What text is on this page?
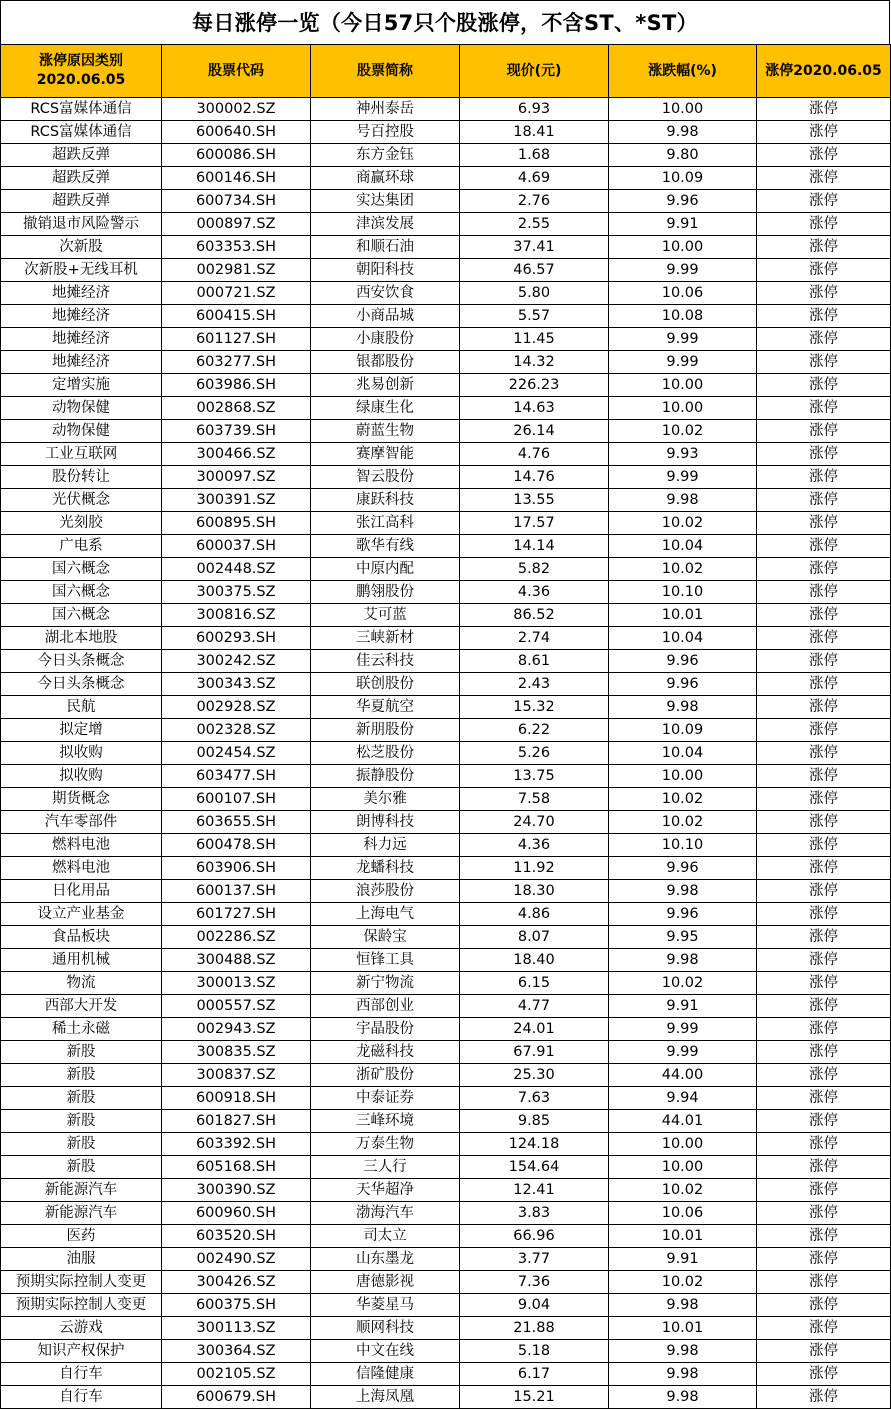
每日涨停一览（今日57只个股涨停，不含ST、*ST）
涨停原因类别
2020.06.05	股票代码	股票简称	现价(元)	涨跌幅(%)	涨停2020.06.05
RCS富媒体通信	300002.SZ	神州泰岳	6.93	10.00	涨停
RCS富媒体通信	600640.SH	号百控股	18.41	9.98	涨停
超跌反弹	600086.SH	东方金钰	1.68	9.80	涨停
超跌反弹	600146.SH	商赢环球	4.69	10.09	涨停
超跌反弹	600734.SH	实达集团	2.76	9.96	涨停
撤销退市风险警示	000897.SZ	津滨发展	2.55	9.91	涨停
次新股	603353.SH	和顺石油	37.41	10.00	涨停
次新股+无线耳机	002981.SZ	朝阳科技	46.57	9.99	涨停
地摊经济	000721.SZ	西安饮食	5.80	10.06	涨停
地摊经济	600415.SH	小商品城	5.57	10.08	涨停
地摊经济	601127.SH	小康股份	11.45	9.99	涨停
地摊经济	603277.SH	银都股份	14.32	9.99	涨停
定增实施	603986.SH	兆易创新	226.23	10.00	涨停
动物保健	002868.SZ	绿康生化	14.63	10.00	涨停
动物保健	603739.SH	蔚蓝生物	26.14	10.02	涨停
工业互联网	300466.SZ	赛摩智能	4.76	9.93	涨停
股份转让	300097.SZ	智云股份	14.76	9.99	涨停
光伏概念	300391.SZ	康跃科技	13.55	9.98	涨停
光刻胶	600895.SH	张江高科	17.57	10.02	涨停
广电系	600037.SH	歌华有线	14.14	10.04	涨停
国六概念	002448.SZ	中原内配	5.82	10.02	涨停
国六概念	300375.SZ	鹏翎股份	4.36	10.10	涨停
国六概念	300816.SZ	艾可蓝	86.52	10.01	涨停
湖北本地股	600293.SH	三峡新材	2.74	10.04	涨停
今日头条概念	300242.SZ	佳云科技	8.61	9.96	涨停
今日头条概念	300343.SZ	联创股份	2.43	9.96	涨停
民航	002928.SZ	华夏航空	15.32	9.98	涨停
拟定增	002328.SZ	新朋股份	6.22	10.09	涨停
拟收购	002454.SZ	松芝股份	5.26	10.04	涨停
拟收购	603477.SH	振静股份	13.75	10.00	涨停
期货概念	600107.SH	美尔雅	7.58	10.02	涨停
汽车零部件	603655.SH	朗博科技	24.70	10.02	涨停
燃料电池	600478.SH	科力远	4.36	10.10	涨停
燃料电池	603906.SH	龙蟠科技	11.92	9.96	涨停
日化用品	600137.SH	浪莎股份	18.30	9.98	涨停
设立产业基金	601727.SH	上海电气	4.86	9.96	涨停
食品板块	002286.SZ	保龄宝	8.07	9.95	涨停
通用机械	300488.SZ	恒锋工具	18.40	9.98	涨停
物流	300013.SZ	新宁物流	6.15	10.02	涨停
西部大开发	000557.SZ	西部创业	4.77	9.91	涨停
稀土永磁	002943.SZ	宇晶股份	24.01	9.99	涨停
新股	300835.SZ	龙磁科技	67.91	9.99	涨停
新股	300837.SZ	浙矿股份	25.30	44.00	涨停
新股	600918.SH	中泰证券	7.63	9.94	涨停
新股	601827.SH	三峰环境	9.85	44.01	涨停
新股	603392.SH	万泰生物	124.18	10.00	涨停
新股	605168.SH	三人行	154.64	10.00	涨停
新能源汽车	300390.SZ	天华超净	12.41	10.02	涨停
新能源汽车	600960.SH	渤海汽车	3.83	10.06	涨停
医药	603520.SH	司太立	66.96	10.01	涨停
油服	002490.SZ	山东墨龙	3.77	9.91	涨停
预期实际控制人变更	300426.SZ	唐德影视	7.36	10.02	涨停
预期实际控制人变更	600375.SH	华菱星马	9.04	9.98	涨停
云游戏	300113.SZ	顺网科技	21.88	10.01	涨停
知识产权保护	300364.SZ	中文在线	5.18	9.98	涨停
自行车	002105.SZ	信隆健康	6.17	9.98	涨停
自行车	600679.SH	上海凤凰	15.21	9.98	涨停
